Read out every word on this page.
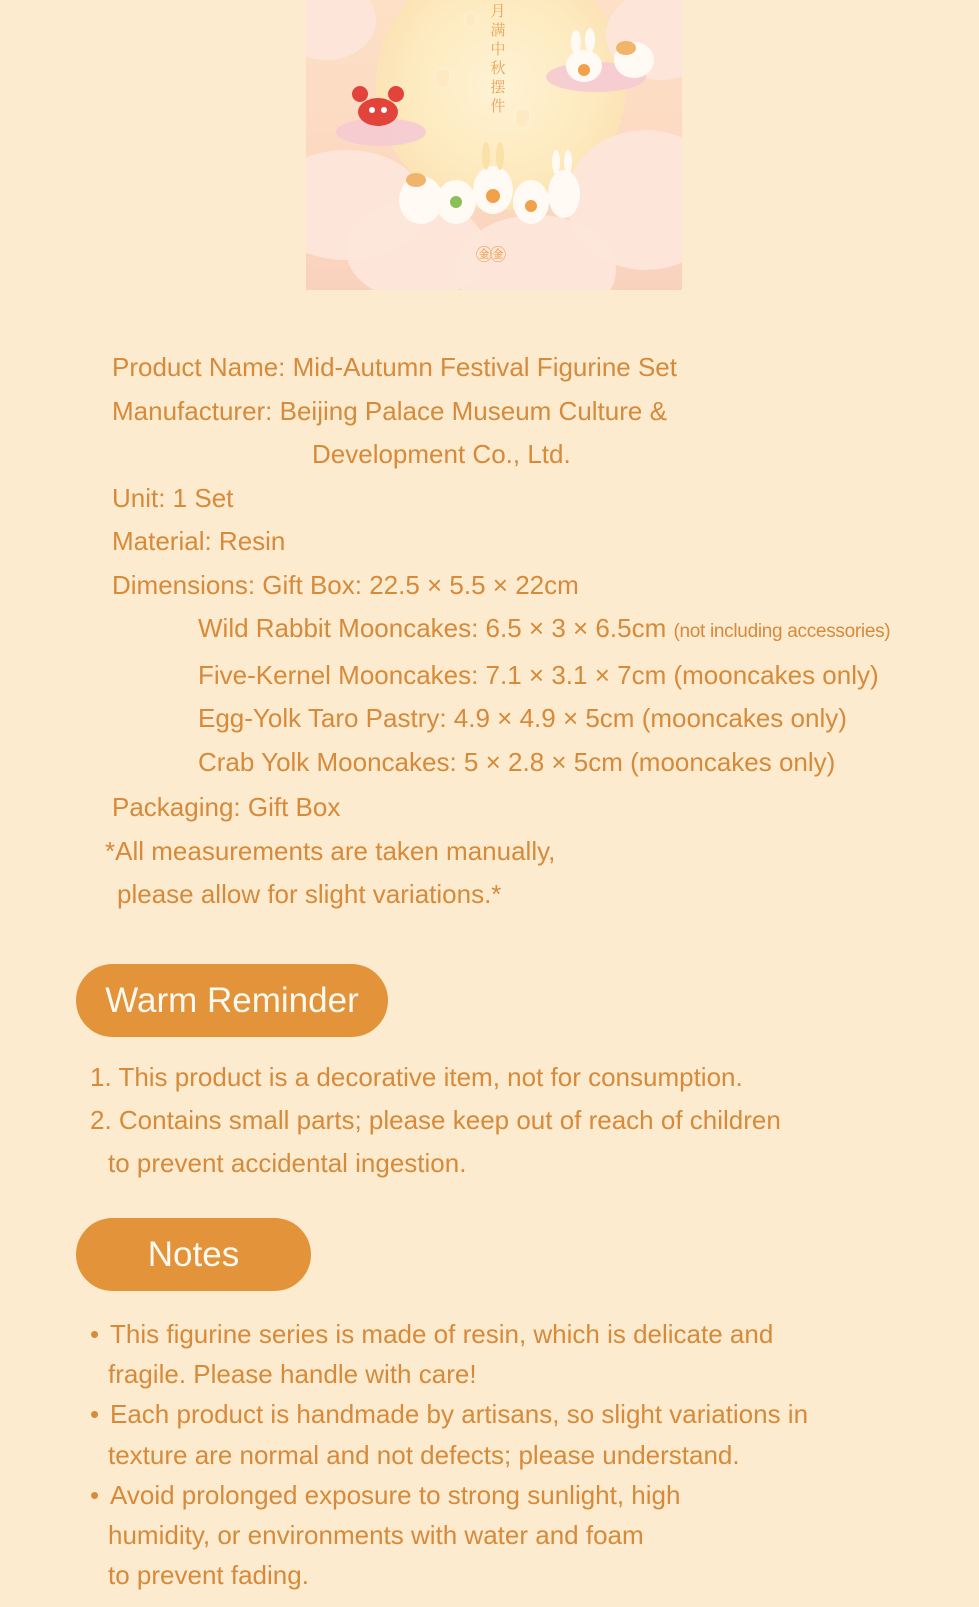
月满中秋摆件
㊎㊎
Product Name: Mid-Autumn Festival Figurine Set
Manufacturer: Beijing Palace Museum Culture &
Development Co., Ltd.
Unit: 1 Set
Material: Resin
Dimensions: Gift Box: 22.5 × 5.5 × 22cm
Wild Rabbit Mooncakes: 6.5 × 3 × 6.5cm (not including accessories)
Five-Kernel Mooncakes: 7.1 × 3.1 × 7cm (mooncakes only)
Egg-Yolk Taro Pastry: 4.9 × 4.9 × 5cm (mooncakes only)
Crab Yolk Mooncakes: 5 × 2.8 × 5cm (mooncakes only)
Packaging: Gift Box
*All measurements are taken manually,
please allow for slight variations.*
Warm Reminder
1. This product is a decorative item, not for consumption.
2. Contains small parts; please keep out of reach of children
to prevent accidental ingestion.
Notes
• This figurine series is made of resin, which is delicate and
fragile. Please handle with care!
• Each product is handmade by artisans, so slight variations in
texture are normal and not defects; please understand.
• Avoid prolonged exposure to strong sunlight, high
humidity, or environments with water and foam
to prevent fading.
